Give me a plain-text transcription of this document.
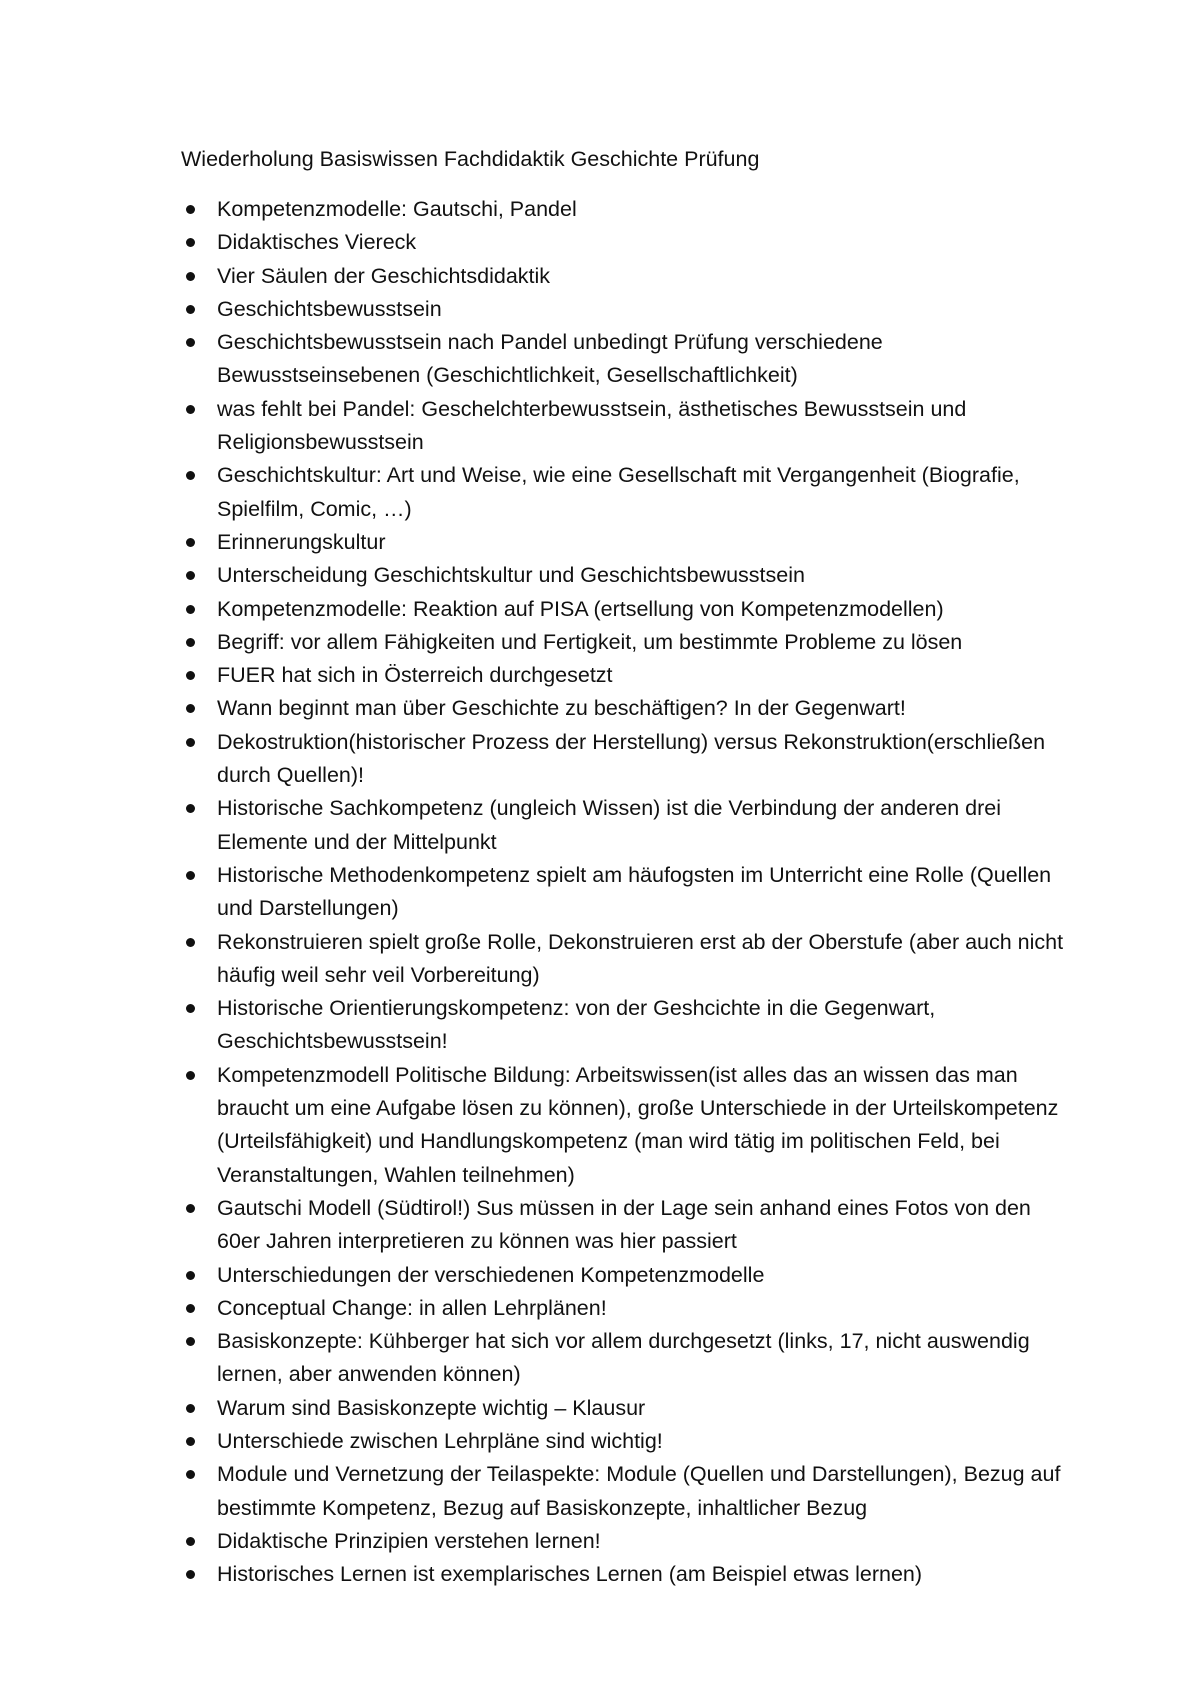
Wiederholung Basiswissen Fachdidaktik Geschichte Prüfung
Kompetenzmodelle: Gautschi, Pandel
Didaktisches Viereck
Vier Säulen der Geschichtsdidaktik
Geschichtsbewusstsein
Geschichtsbewusstsein nach Pandel unbedingt Prüfung verschiedene Bewusstseinsebenen (Geschichtlichkeit, Gesellschaftlichkeit)
was fehlt bei Pandel: Geschelchterbewusstsein, ästhetisches Bewusstsein und Religionsbewusstsein
Geschichtskultur: Art und Weise, wie eine Gesellschaft mit Vergangenheit (Biografie, Spielfilm, Comic, …)
Erinnerungskultur
Unterscheidung Geschichtskultur und Geschichtsbewusstsein
Kompetenzmodelle: Reaktion auf PISA (ertsellung von Kompetenzmodellen)
Begriff: vor allem Fähigkeiten und Fertigkeit, um bestimmte Probleme zu lösen
FUER hat sich in Österreich durchgesetzt
Wann beginnt man über Geschichte zu beschäftigen? In der Gegenwart!
Dekostruktion(historischer Prozess der Herstellung) versus Rekonstruktion(erschließen durch Quellen)!
Historische Sachkompetenz (ungleich Wissen) ist die Verbindung der anderen drei Elemente und der Mittelpunkt
Historische Methodenkompetenz spielt am häufogsten im Unterricht eine Rolle (Quellen und Darstellungen)
Rekonstruieren spielt große Rolle, Dekonstruieren erst ab der Oberstufe (aber auch nicht häufig weil sehr veil Vorbereitung)
Historische Orientierungskompetenz: von der Geshcichte in die Gegenwart, Geschichtsbewusstsein!
Kompetenzmodell Politische Bildung: Arbeitswissen(ist alles das an wissen das man braucht um eine Aufgabe lösen zu können), große Unterschiede in der Urteilskompetenz (Urteilsfähigkeit) und Handlungskompetenz (man wird tätig im politischen Feld, bei Veranstaltungen, Wahlen teilnehmen)
Gautschi Modell (Südtirol!) Sus müssen in der Lage sein anhand eines Fotos von den 60er Jahren interpretieren zu können was hier passiert
Unterschiedungen der verschiedenen Kompetenzmodelle
Conceptual Change: in allen Lehrplänen!
Basiskonzepte: Kühberger hat sich vor allem durchgesetzt (links, 17, nicht auswendig lernen, aber anwenden können)
Warum sind Basiskonzepte wichtig – Klausur
Unterschiede zwischen Lehrpläne sind wichtig!
Module und Vernetzung der Teilaspekte: Module (Quellen und Darstellungen), Bezug auf bestimmte Kompetenz, Bezug auf Basiskonzepte, inhaltlicher Bezug
Didaktische Prinzipien verstehen lernen!
Historisches Lernen ist exemplarisches Lernen (am Beispiel etwas lernen)
